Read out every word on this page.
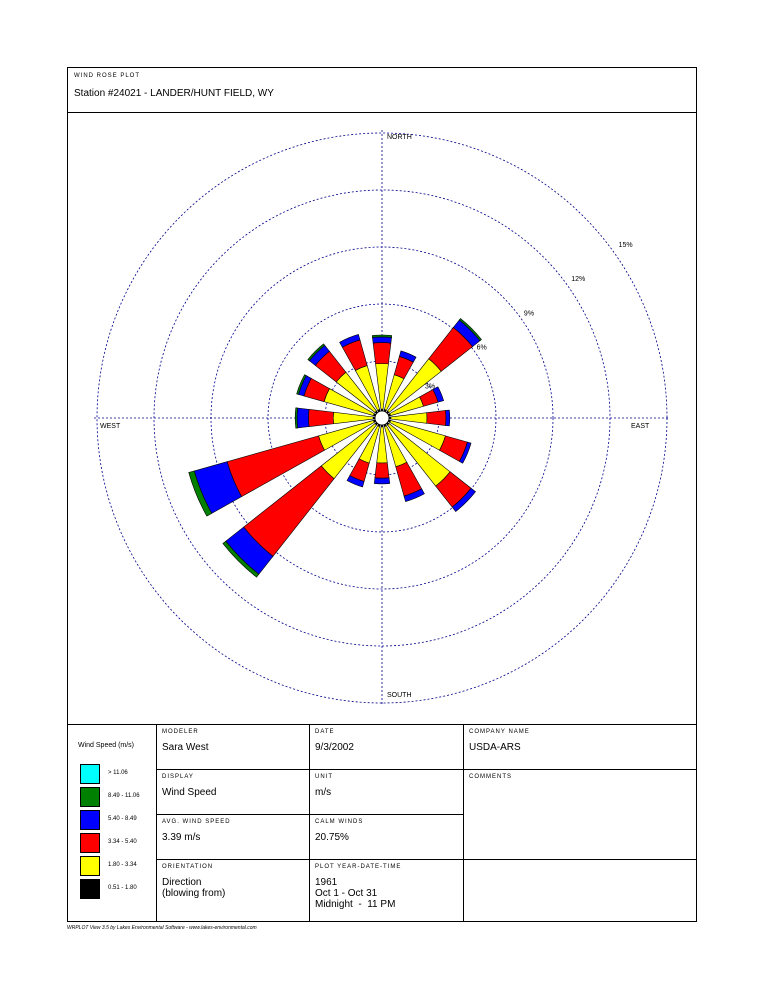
WIND ROSE PLOT
Station #24021 - LANDER/HUNT FIELD, WY
3%
6%
9%
12%
15%
NORTH
SOUTH
EAST
WEST
Wind Speed (m/s)
> 11.06
8.49 - 11.06
5.40 - 8.49
3.34 - 5.40
1.80 - 3.34
0.51 - 1.80
MODELER
Sara West
DATE
9/3/2002
COMPANY NAME
USDA-ARS
DISPLAY
Wind Speed
UNIT
m/s
COMMENTS
AVG. WIND SPEED
3.39 m/s
CALM WINDS
20.75%
ORIENTATION
Direction
(blowing from)
PLOT YEAR-DATE-TIME
1961
Oct 1 - Oct 31
Midnight  -  11 PM
WRPLOT View 3.5 by Lakes Environmental Software - www.lakes-environmental.com
